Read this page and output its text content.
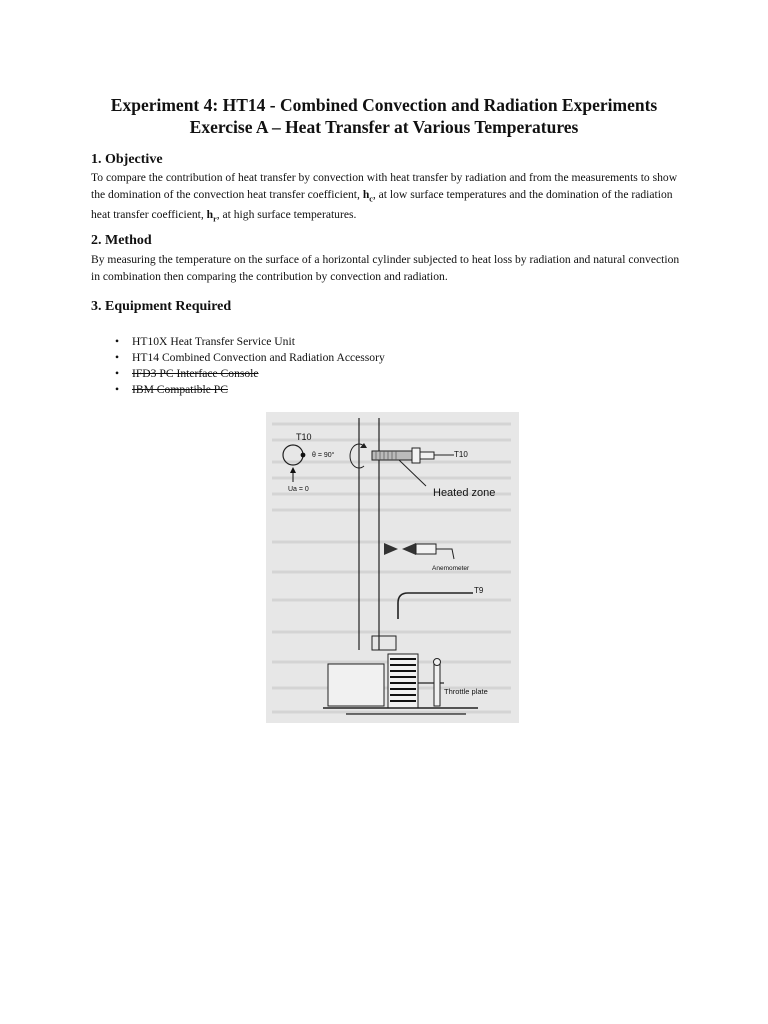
Experiment 4: HT14 - Combined Convection and Radiation Experiments
Exercise A – Heat Transfer at Various Temperatures
1. Objective

To compare the contribution of heat transfer by convection with heat transfer by radiation and from the measurements to show the domination of the convection heat transfer coefficient, $h_c$, at low surface temperatures and the domination of the radiation heat transfer coefficient, $h_r$, at high surface temperatures.

2. Method

By measuring the temperature on the surface of a horizontal cylinder subjected to heat loss by radiation and natural convection in combination then comparing the contribution by convection and radiation.

3. Equipment Required
• HT10X Heat Transfer Service Unit
• HT14 Combined Convection and Radiation Accessory
• IFD3 PC Interface Console
• IBM Compatible PC
T10
θ = 90°
Ua = 0
T10
Heated zone
Anemometer
T9
Throttle plate
